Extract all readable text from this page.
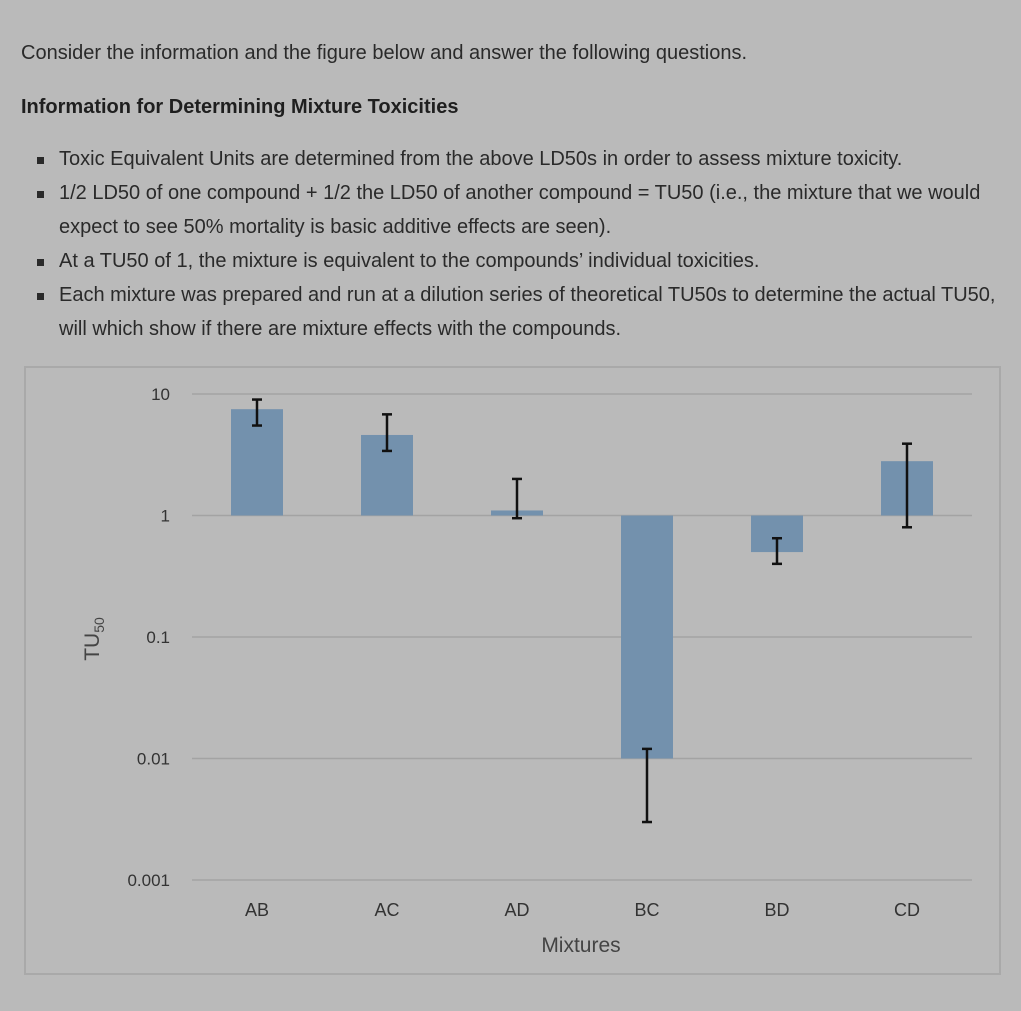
Consider the information and the figure below and answer the following questions.

Information for Determining Mixture Toxicities

Toxic Equivalent Units are determined from the above LD50s in order to assess mixture toxicity.
1/2 LD50 of one compound + 1/2 the LD50 of another compound = TU50 (i.e., the mixture that we would expect to see 50% mortality is basic additive effects are seen).
At a TU50 of 1, the mixture is equivalent to the compounds’ individual toxicities.
Each mixture was prepared and run at a dilution series of theoretical TU50s to determine the actual TU50, will which show if there are mixture effects with the compounds.
10
1
0.1
0.01
0.001
AB	AC	AD	BC	BD	CD
$TU_{50}$
Mixtures
